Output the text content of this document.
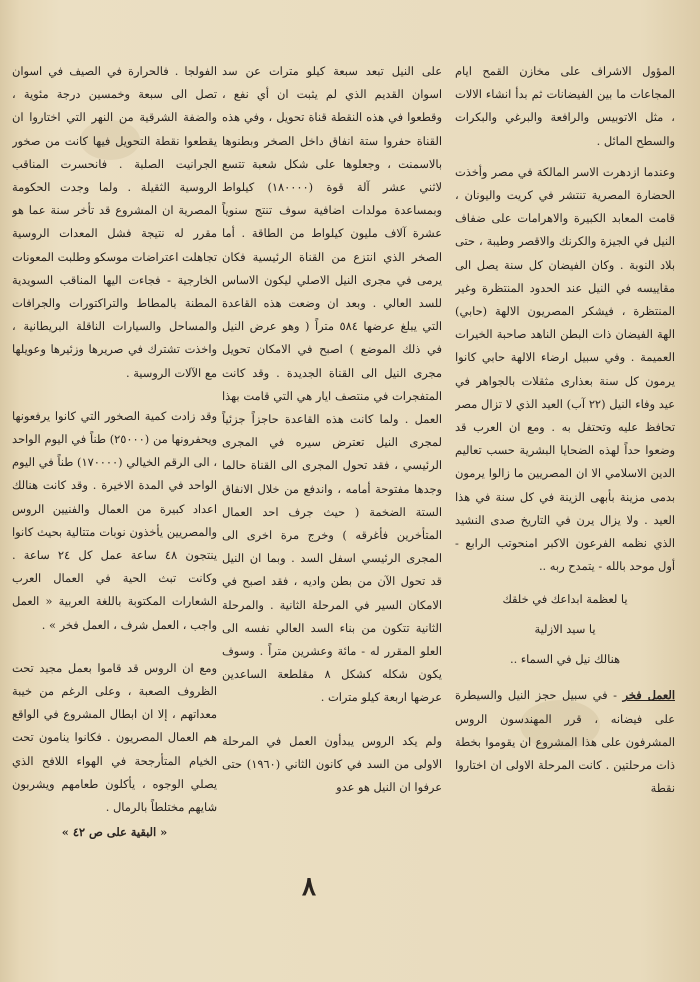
المؤول الاشراف على مخازن القمح ايام المجاعات ما بين الفيضانات ثم بدأ انشاء الالات ، مثل الاتوبيس والرافعة والبرغي والبكرات والسطح المائل .

وعندما ازدهرت الاسر المالكة في مصر وأخذت الحضارة المصرية تنتشر في كريت واليونان ، قامت المعابد الكبيرة والاهرامات على ضفاف النيل في الجيزة والكرنك والاقصر وطيبة ، حتى بلاد النوبة . وكان الفيضان كل سنة يصل الى مقاييسه في النيل عند الحدود المنتظرة وغير المنتظرة ، فيشكر المصريون الالهة (حابي) الهة الفيضان ذات البطن الناهد صاحبة الخيرات العميمة . وفي سبيل ارضاء الالهة حابي كانوا يرمون كل سنة بعذارى مثقلات بالجواهر في عيد وفاء النيل (٢٢ آب) العيد الذي لا تزال مصر تحافظ عليه وتحتفل به . ومع ان العرب قد وضعوا حداً لهذه الضحايا البشرية حسب تعاليم الدين الاسلامي الا ان المصريين ما زالوا يرمون بدمى مزينة بأبهى الزينة في كل سنة في هذا العيد . ولا يزال يرن في التاريخ صدى النشيد الذي نظمه الفرعون الاكبر امنحوتب الرابع - أول موحد بالله - يتمدح ربه ..

يا لعظمة ابداعك في خلقك
يا سيد الازلية
هنالك نيل في السماء ..

العمل فخر - في سبيل حجز النيل والسيطرة على فيضانه ، قرر المهندسون الروس المشرفون على هذا المشروع ان يقوموا بخطة ذات مرحلتين . كانت المرحلة الاولى ان اختاروا نقطة

على النيل تبعد سبعة كيلو مترات عن سد اسوان القديم الذي لم يثبت ان أي نفع ، وقطعوا في هذه النقطة قناة تحويل ، وفي هذه القناة حفروا ستة انفاق داخل الصخر وبطنوها بالاسمنت ، وجعلوها على شكل شعبة تتسع لاثني عشر آلة قوة (١٨٠٠٠٠) كيلواط وبمساعدة مولدات اضافية سوف تنتج سنوياً عشرة آلاف مليون كيلواط من الطاقة . أما الصخر الذي انتزع من القناة الرئيسية فكان يرمى في مجرى النيل الاصلي ليكون الاساس للسد العالي . وبعد ان وضعت هذه القاعدة التي يبلغ عرضها ٥٨٤ متراً ( وهو عرض النيل في ذلك الموضع ) اصبح في الامكان تحويل مجرى النيل الى القناة الجديدة . وقد كانت المتفجرات في منتصف ايار هي التي قامت بهذا العمل . ولما كانت هذه القاعدة حاجزاً جزئياً لمجرى النيل تعترض سيره في المجرى الرئيسي ، فقد تحول المجرى الى القناة حالما وجدها مفتوحة أمامه ، واندفع من خلال الانفاق الستة الضخمة ( حيث جرف احد العمال المتأخرين فأغرقه ) وخرج مرة اخرى الى المجرى الرئيسي اسفل السد . وبما ان النيل قد تحول الآن من بطن واديه ، فقد اصبح في الامكان السير في المرحلة الثانية . والمرحلة الثانية تتكون من بناء السد العالي نفسه الى العلو المقرر له - مائة وعشرين متراً . وسوف يكون شكله كشكل ٨ مقلطعة الساعدين عرضها اربعة كيلو مترات .

ولم يكد الروس يبدأون العمل في المرحلة الاولى من السد في كانون الثاني (١٩٦٠) حتى عرفوا ان النيل هو عدو

الفولجا . فالحرارة في الصيف في اسوان تصل الى سبعة وخمسين درجة مئوية ، والضفة الشرقية من النهر التي اختاروا ان يقطعوا نقطة التحويل فيها كانت من صخور الجرانيت الصلبة . فانحسرت المناقب الروسية الثقيلة . ولما وجدت الحكومة المصرية ان المشروع قد تأخر سنة عما هو مقرر له نتيجة فشل المعدات الروسية تجاهلت اعتراضات موسكو وطلبت المعونات الخارجية - فجاءت اليها المناقب السويدية المطنة بالمطاط والتراكتورات والجرافات والمساحل والسيارات الناقلة البريطانية ، واخذت تشترك في صريرها وزئيرها وعويلها مع الآلات الروسية .

وقد زادت كمية الصخور التي كانوا يرفعونها ويحفرونها من (٢٥٠٠٠) طناً في اليوم الواحد ، الى الرقم الخيالي (١٧٠٠٠٠) طناً في اليوم الواحد في المدة الاخيرة . وقد كانت هنالك اعداد كبيرة من العمال والفنيين الروس والمصريين يأخذون نوبات متتالية بحيث كانوا ينتجون ٤٨ ساعة عمل كل ٢٤ ساعة . وكانت تبث الحية في العمال العرب الشعارات المكتوبة باللغة العربية « العمل واجب ، العمل شرف ، العمل فخر » .

ومع ان الروس قد قاموا بعمل مجيد تحت الظروف الصعبة ، وعلى الرغم من خيبة معداتهم ، إلا ان ابطال المشروع في الواقع هم العمال المصريون . فكانوا ينامون تحت الخيام المتأرجحة في الهواء اللافح الذي يصلي الوجوه ، يأكلون طعامهم ويشربون شايهم مختلطاً بالرمال .

« البقية على ص ٤٢ »
٨
